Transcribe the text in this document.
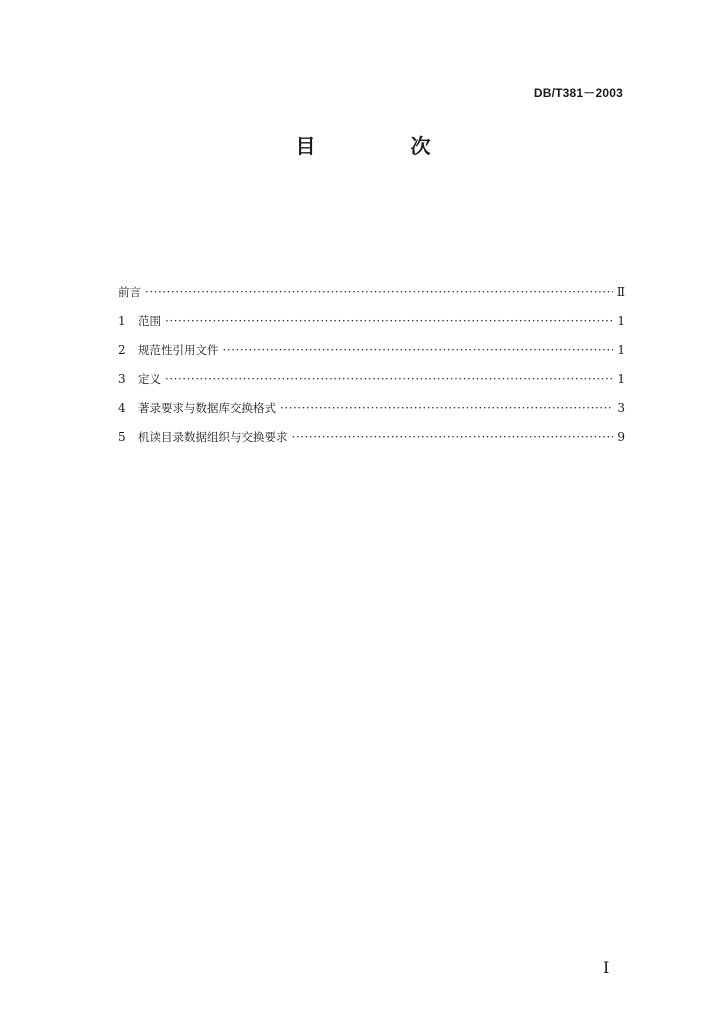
DB/T381－2003
目 次
前言 ·····	Ⅱ
1	范围 ·····	1
2	规范性引用文件 ·····	1
3	定义 ·····	1
4	著录要求与数据库交换格式 ·····	3
5	机读目录数据组织与交换要求 ·····	9
I
